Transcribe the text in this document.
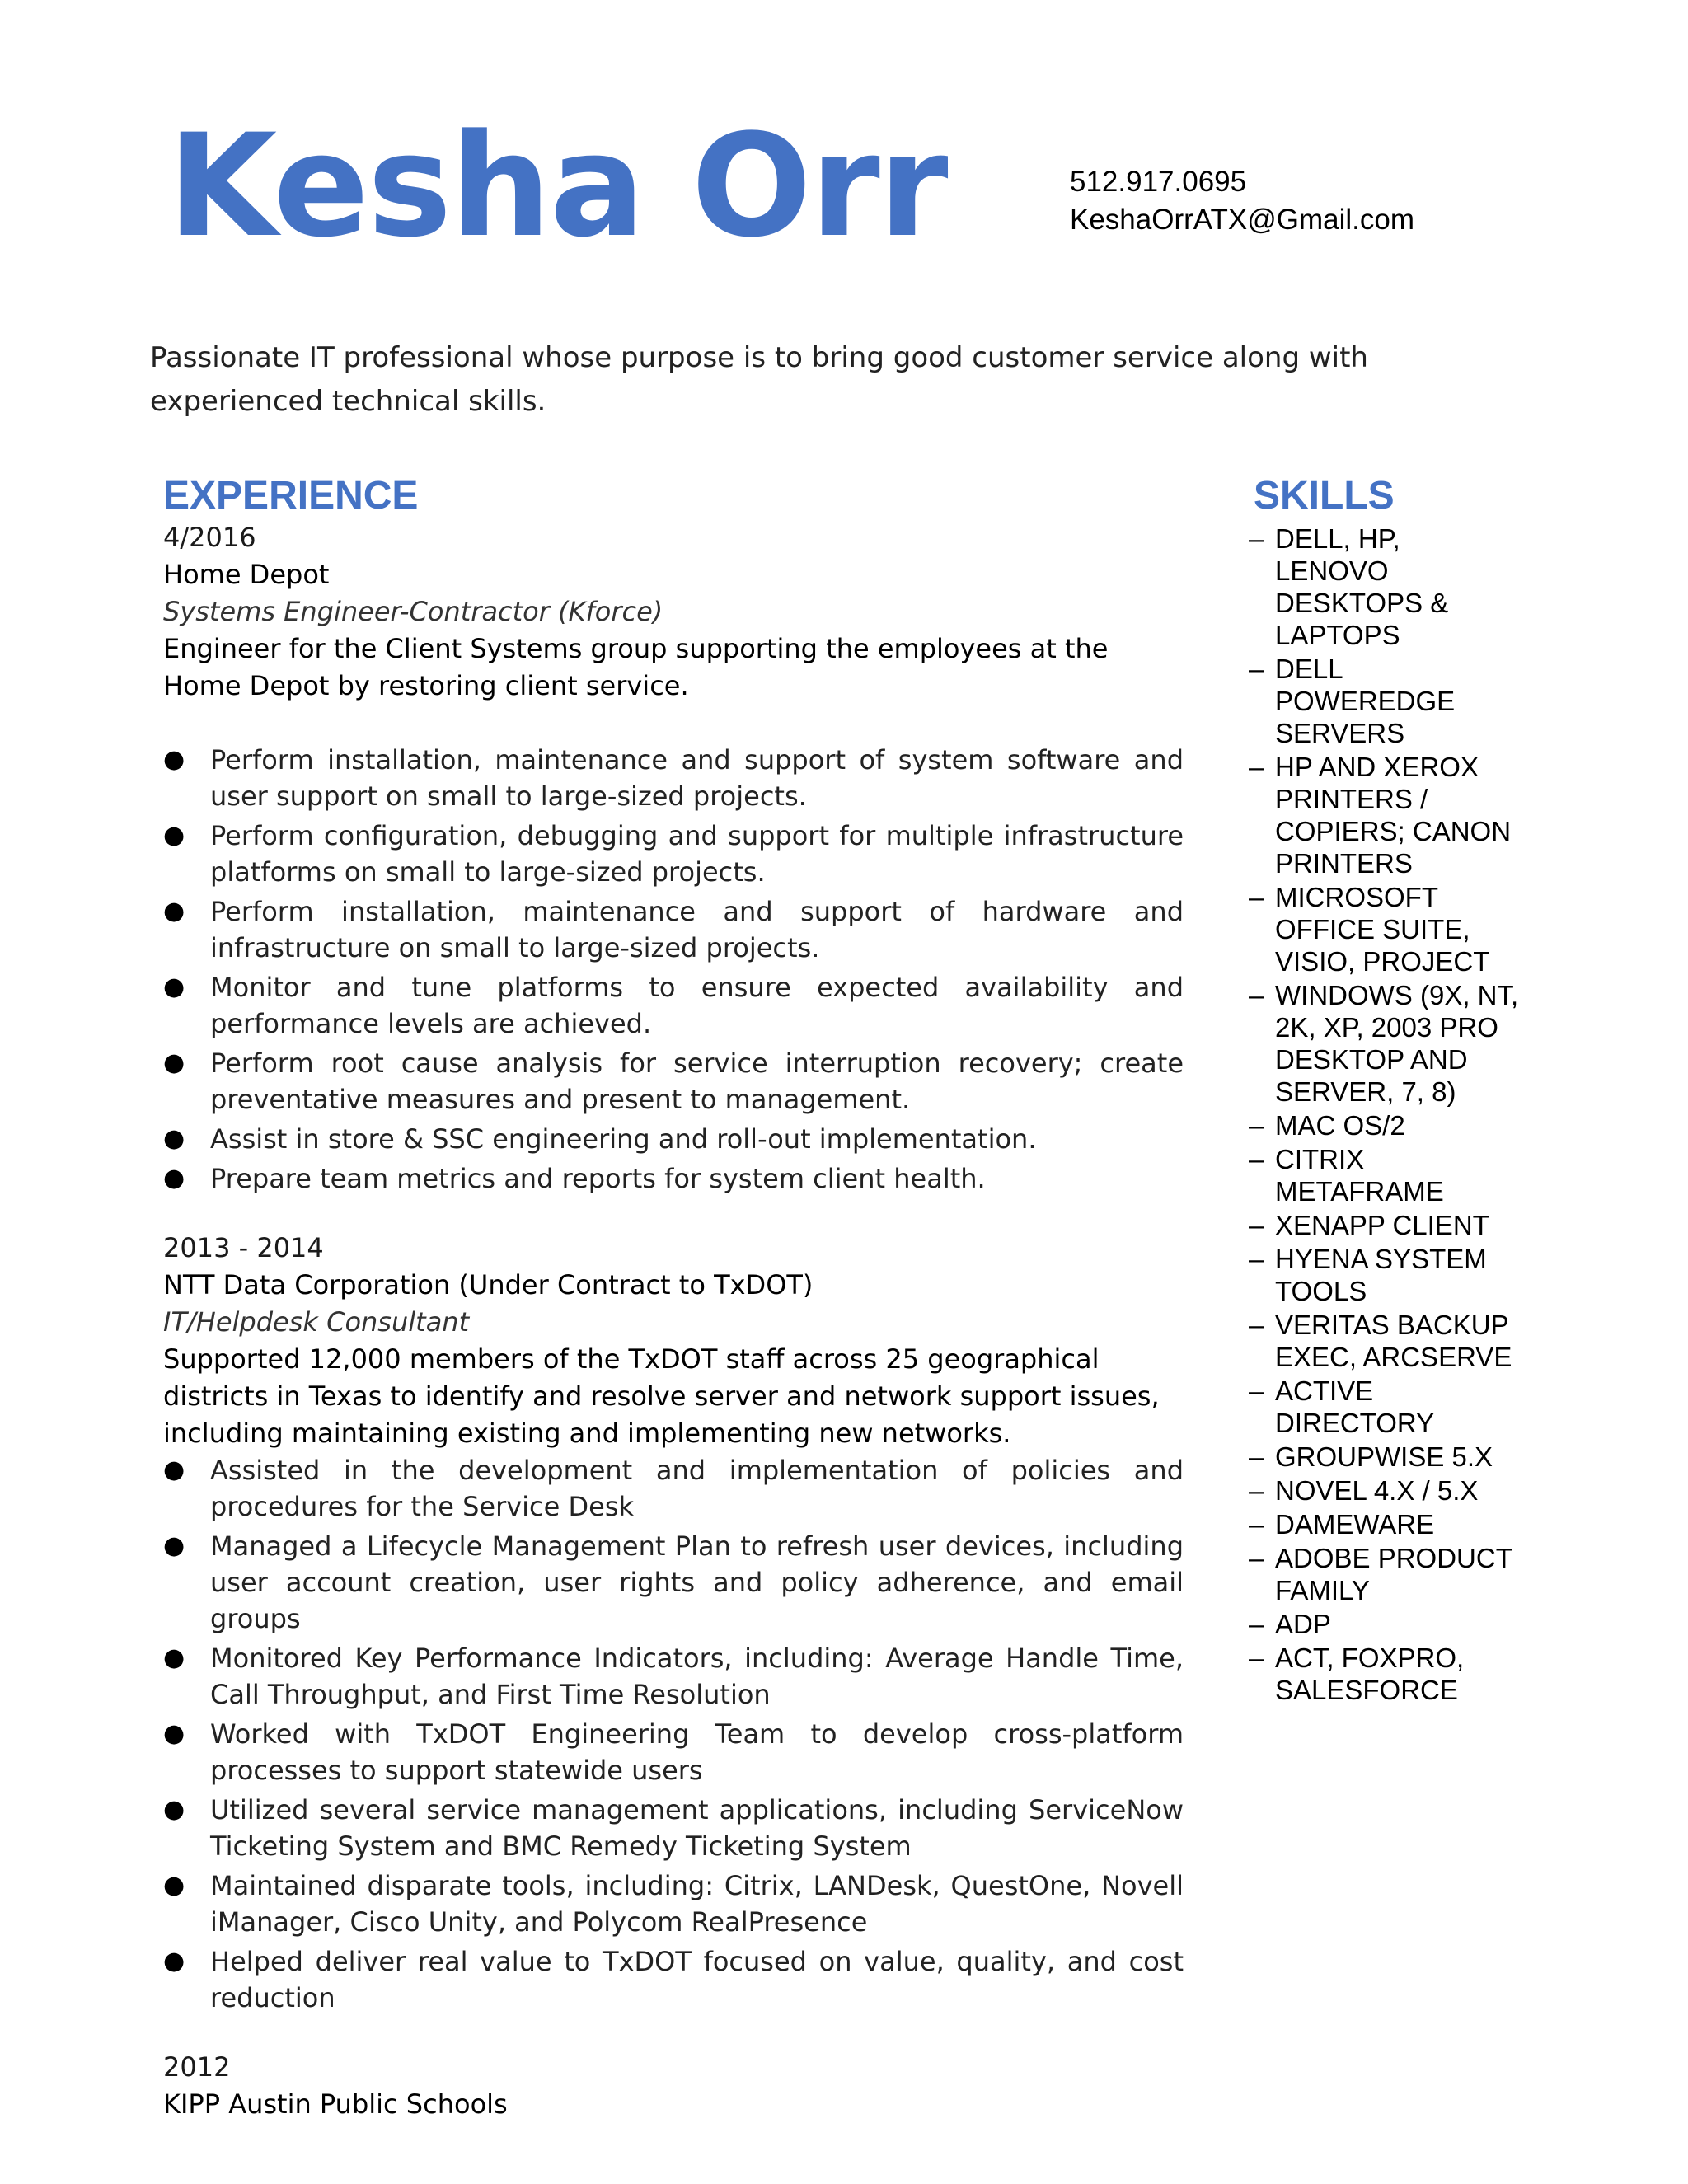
Kesha Orr	512.917.0695
KeshaOrrATX@Gmail.com

Passionate IT professional whose purpose is to bring good customer service along with experienced technical skills.

EXPERIENCE	SKILLS
4/2016
Home Depot
Systems Engineer-Contractor (Kforce)
Engineer for the Client Systems group supporting the employees at the Home Depot by restoring client service.
● Perform installation, maintenance and support of system software and user support on small to large-sized projects.
● Perform configuration, debugging and support for multiple infrastructure platforms on small to large-sized projects.
● Perform installation, maintenance and support of hardware and infrastructure on small to large-sized projects.
● Monitor and tune platforms to ensure expected availability and performance levels are achieved.
● Perform root cause analysis for service interruption recovery; create preventative measures and present to management.
● Assist in store & SSC engineering and roll-out implementation.
● Prepare team metrics and reports for system client health.
2013 - 2014
NTT Data Corporation (Under Contract to TxDOT)
IT/Helpdesk Consultant
Supported 12,000 members of the TxDOT staff across 25 geographical districts in Texas to identify and resolve server and network support issues, including maintaining existing and implementing new networks.
● Assisted in the development and implementation of policies and procedures for the Service Desk
● Managed a Lifecycle Management Plan to refresh user devices, including user account creation, user rights and policy adherence, and email groups
● Monitored Key Performance Indicators, including: Average Handle Time, Call Throughput, and First Time Resolution
● Worked with TxDOT Engineering Team to develop cross-platform processes to support statewide users
● Utilized several service management applications, including ServiceNow Ticketing System and BMC Remedy Ticketing System
● Maintained disparate tools, including: Citrix, LANDesk, QuestOne, Novell iManager, Cisco Unity, and Polycom RealPresence
● Helped deliver real value to TxDOT focused on value, quality, and cost reduction
2012
KIPP Austin Public Schools
– DELL, HP, LENOVO DESKTOPS & LAPTOPS
– DELL POWEREDGE SERVERS
– HP AND XEROX PRINTERS / COPIERS; CANON PRINTERS
– MICROSOFT OFFICE SUITE, VISIO, PROJECT
– WINDOWS (9X, NT, 2K, XP, 2003 PRO DESKTOP AND SERVER, 7, 8)
– MAC OS/2
– CITRIX METAFRAME
– XENAPP CLIENT
– HYENA SYSTEM TOOLS
– VERITAS BACKUP EXEC, ARCSERVE
– ACTIVE DIRECTORY
– GROUPWISE 5.X
– NOVEL 4.X / 5.X
– DAMEWARE
– ADOBE PRODUCT FAMILY
– ADP
– ACT, FOXPRO, SALESFORCE
